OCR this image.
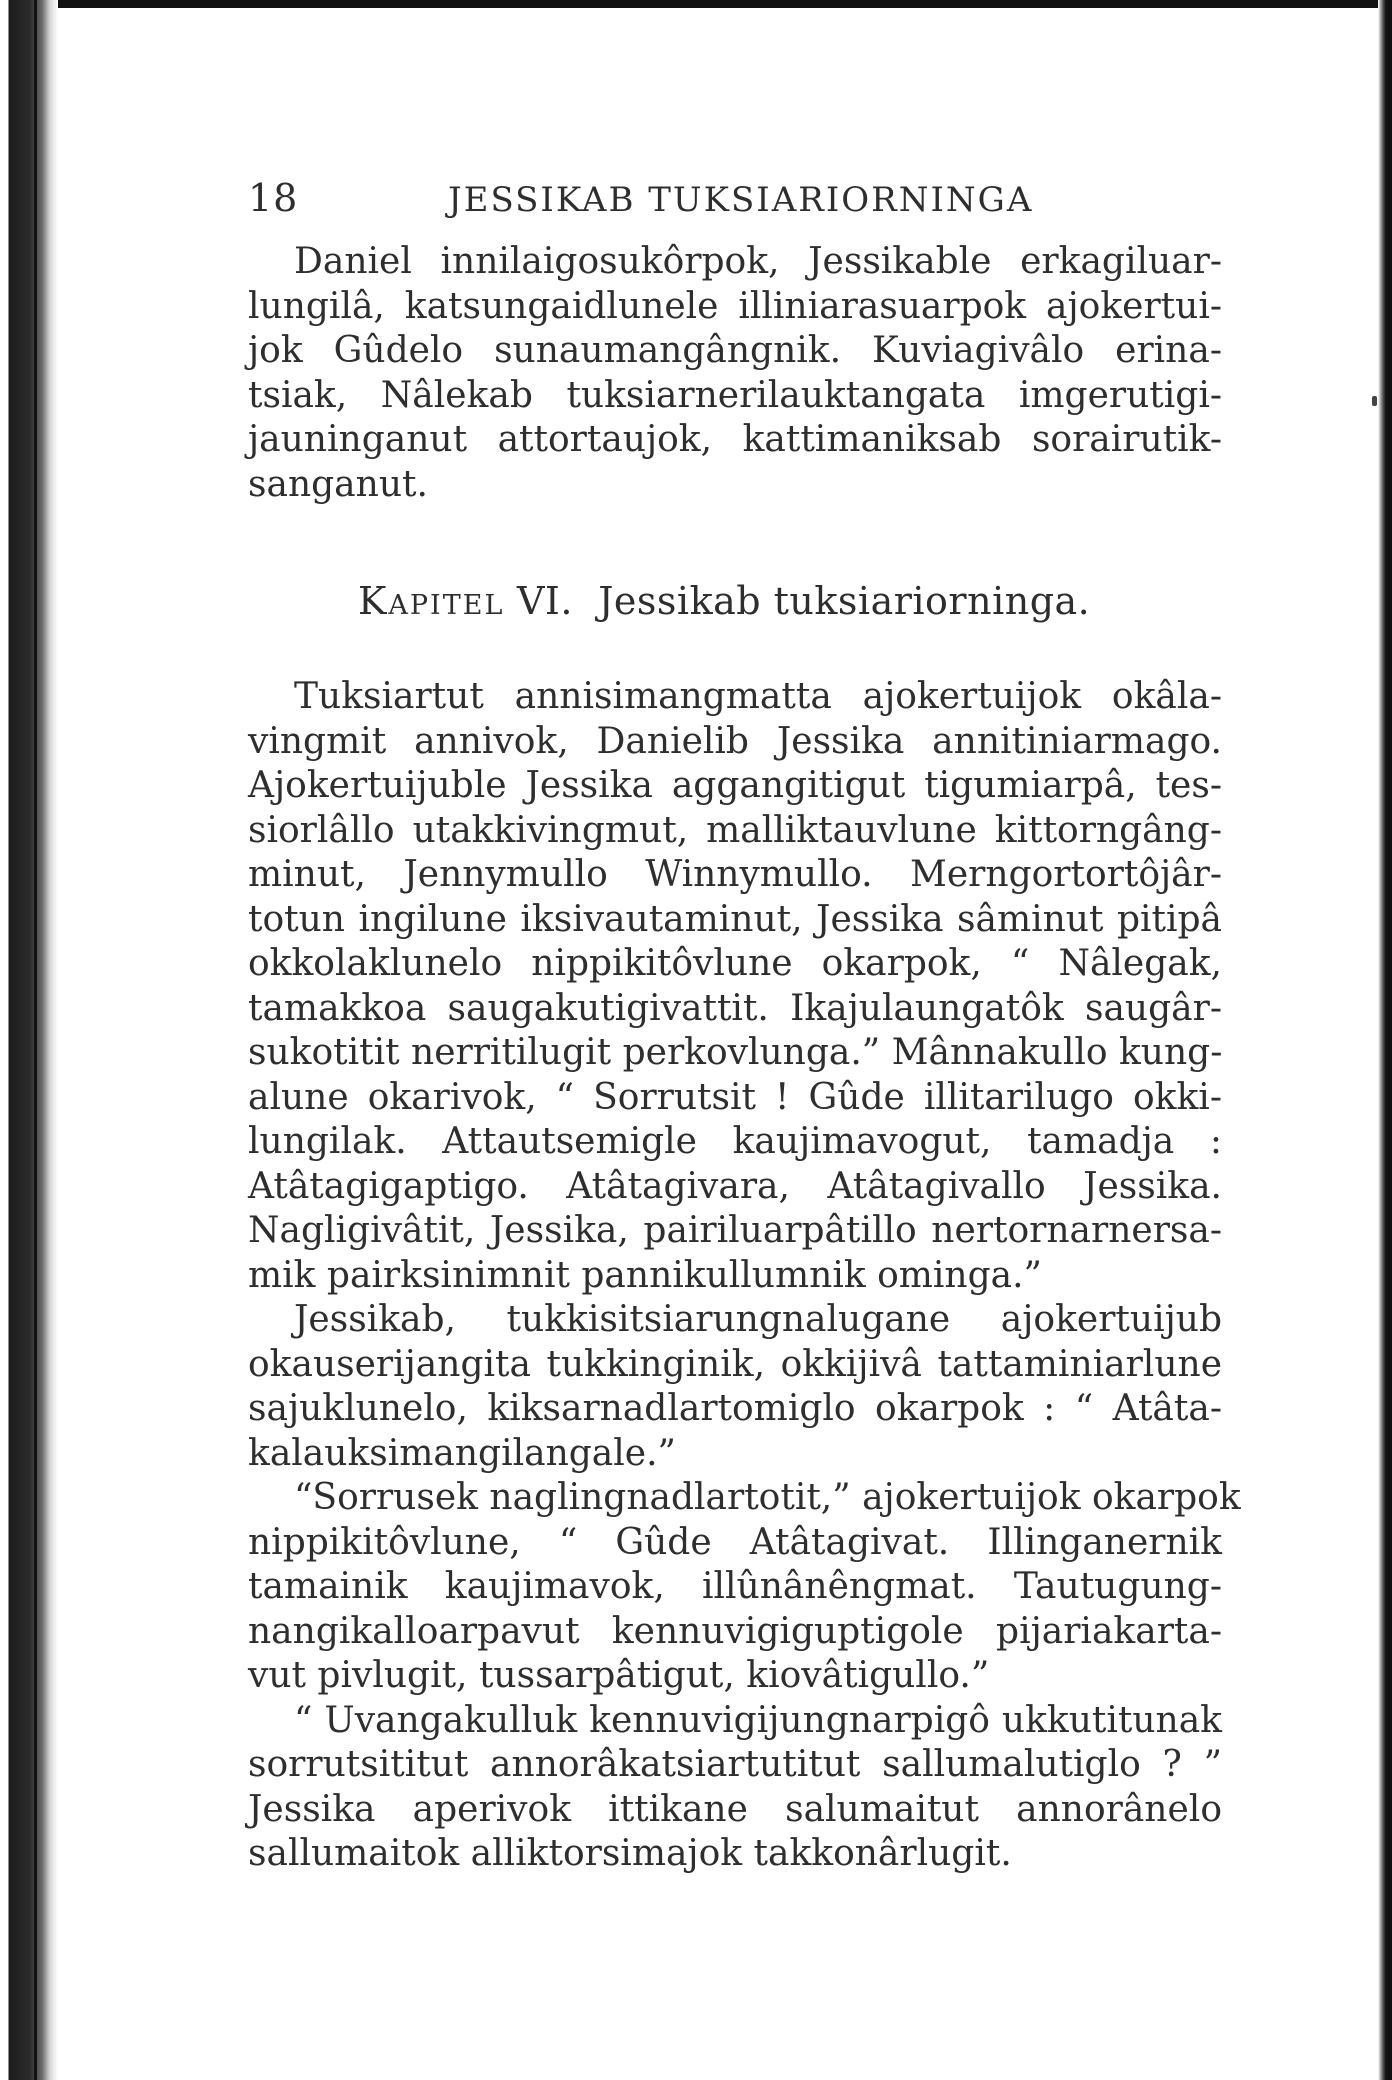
18	JESSIKAB TUKSIARIORNINGA

Daniel innilaigosukôrpok, Jessikable erkagiluar-
lungilâ, katsungaidlunele illiniarasuarpok ajokertui-
jok Gûdelo sunaumangângnik. Kuviagivâlo erina-
tsiak, Nâlekab tuksiarnerilauktangata imgerutigi-
jauninganut attortaujok, kattimaniksab sorairutik-
sanganut.

Kapitel VI. Jessikab tuksiariorninga.

Tuksiartut annisimangmatta ajokertuijok okâla-
vingmit annivok, Danielib Jessika annitiniarmago.
Ajokertuijuble Jessika aggangitigut tigumiarpâ, tes-
siorlâllo utakkivingmut, malliktauvlune kittorngâng-
minut, Jennymullo Winnymullo. Merngortortôjâr-
totun ingilune iksivautaminut, Jessika sâminut pitipâ
okkolaklunelo nippikitôvlune okarpok, “ Nâlegak,
tamakkoa saugakutigivattit. Ikajulaungatôk saugâr-
sukotitit nerritilugit perkovlunga.” Mânnakullo kung-
alune okarivok, “ Sorrutsit ! Gûde illitarilugo okki-
lungilak. Attautsemigle kaujimavogut, tamadja :
Atâtagigaptigo. Atâtagivara, Atâtagivallo Jessika.
Nagligivâtit, Jessika, pairiluarpâtillo nertornarnersa-
mik pairksinimnit pannikullumnik ominga.”

Jessikab, tukkisitsiarungnalugane ajokertuijub
okauserijangita tukkinginik, okkijivâ tattaminiarlune
sajuklunelo, kiksarnadlartomiglo okarpok : “ Atâta-
kalauksimangilangale.”

“Sorrusek naglingnadlartotit,” ajokertuijok okarpok
nippikitôvlune, “ Gûde Atâtagivat. Illinganernik
tamainik kaujimavok, illûnânêngmat. Tautugung-
nangikalloarpavut kennuvigiguptigole pijariakarta-
vut pivlugit, tussarpâtigut, kiovâtigullo.”

“ Uvangakulluk kennuvigijungnarpigô ukkutitunak
sorrutsititut annorâkatsiartutitut sallumalutiglo ? ”
Jessika aperivok ittikane salumaitut annorânelo
sallumaitok alliktorsimajok takkonârlugit.
